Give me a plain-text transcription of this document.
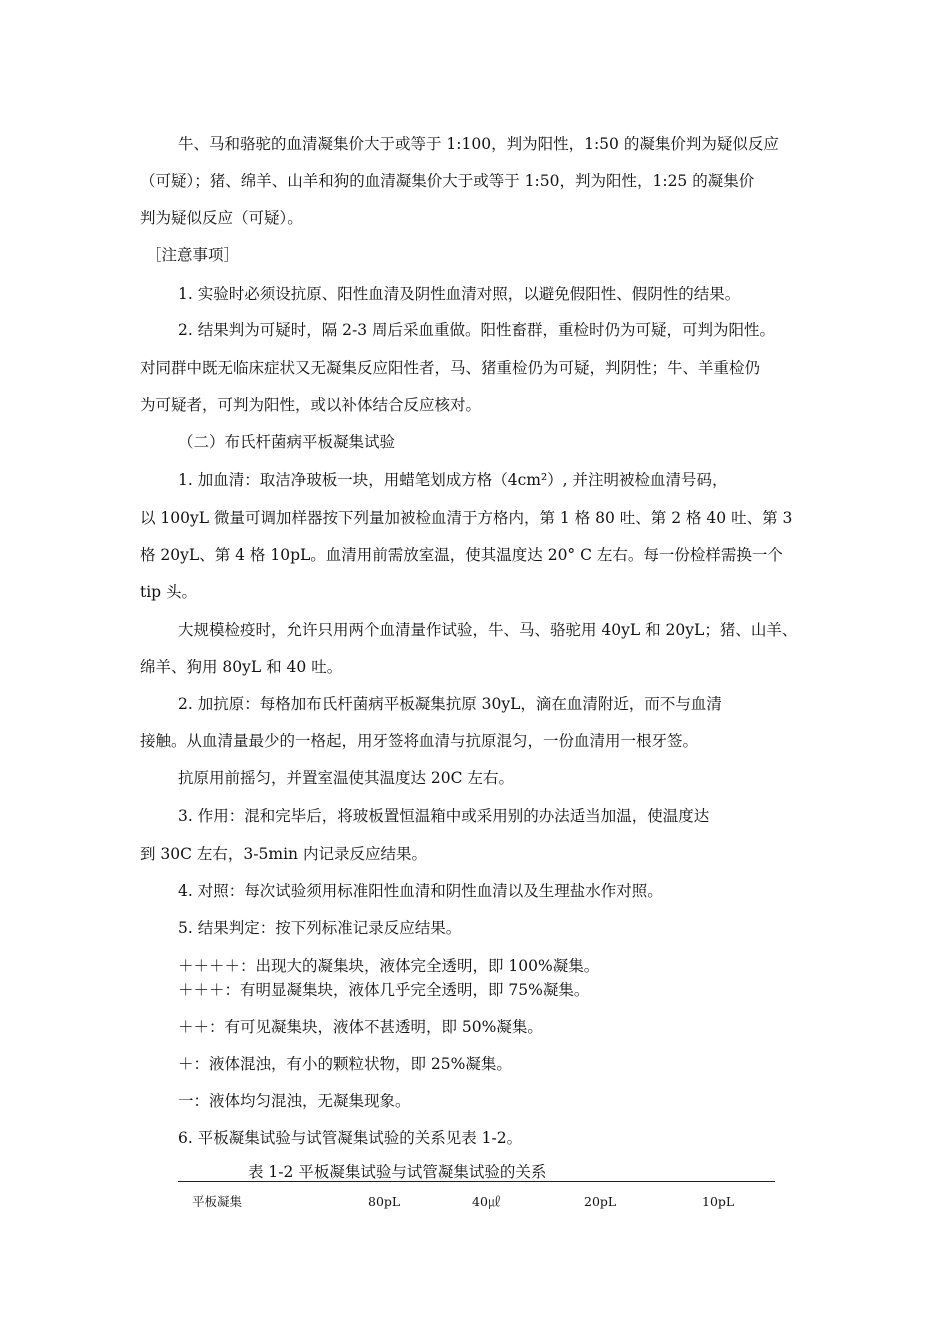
牛、马和骆驼的血清凝集价大于或等于 1:100，判为阳性，1:50 的凝集价判为疑似反应

（可疑）；猪、绵羊、山羊和狗的血清凝集价大于或等于 1:50，判为阳性，1:25 的凝集价

判为疑似反应（可疑）。

［注意事项］

1. 实验时必须设抗原、阳性血清及阴性血清对照，以避免假阳性、假阴性的结果。

2. 结果判为可疑时，隔 2-3 周后采血重做。阳性畜群，重检时仍为可疑，可判为阳性。

对同群中既无临床症状又无凝集反应阳性者，马、猪重检仍为可疑，判阴性；牛、羊重检仍

为可疑者，可判为阳性，或以补体结合反应核对。

（二）布氏杆菌病平板凝集试验

1. 加血清：取洁净玻板一块，用蜡笔划成方格（4cm²）, 并注明被检血清号码，

以 100yL 微量可调加样器按下列量加被检血清于方格内，第 1 格 80 吐、第 2 格 40 吐、第 3

格 20yL、第 4 格 10pL。血清用前需放室温，使其温度达 20° C 左右。每一份检样需换一个

tip 头。

大规模检疫时，允许只用两个血清量作试验，牛、马、骆驼用 40yL 和 20yL；猪、山羊、

绵羊、狗用 80yL 和 40 吐。

2. 加抗原：每格加布氏杆菌病平板凝集抗原 30yL，滴在血清附近，而不与血清

接触。从血清量最少的一格起，用牙签将血清与抗原混匀，一份血清用一根牙签。

抗原用前摇匀，并置室温使其温度达 20C 左右。

3. 作用：混和完毕后，将玻板置恒温箱中或采用别的办法适当加温，使温度达

到 30C 左右，3-5min 内记录反应结果。

4. 对照：每次试验须用标准阳性血清和阴性血清以及生理盐水作对照。

5. 结果判定：按下列标准记录反应结果。

＋＋＋＋：出现大的凝集块，液体完全透明，即 100%凝集。

＋＋＋：有明显凝集块，液体几乎完全透明，即 75%凝集。

＋＋：有可见凝集块，液体不甚透明，即 50%凝集。

＋：液体混浊，有小的颗粒状物，即 25%凝集。

一：液体均匀混浊，无凝集现象。

6. 平板凝集试验与试管凝集试验的关系见表 1-2。

表 1-2 平板凝集试验与试管凝集试验的关系

平板凝集	80pL	40㎕	20pL	10pL
